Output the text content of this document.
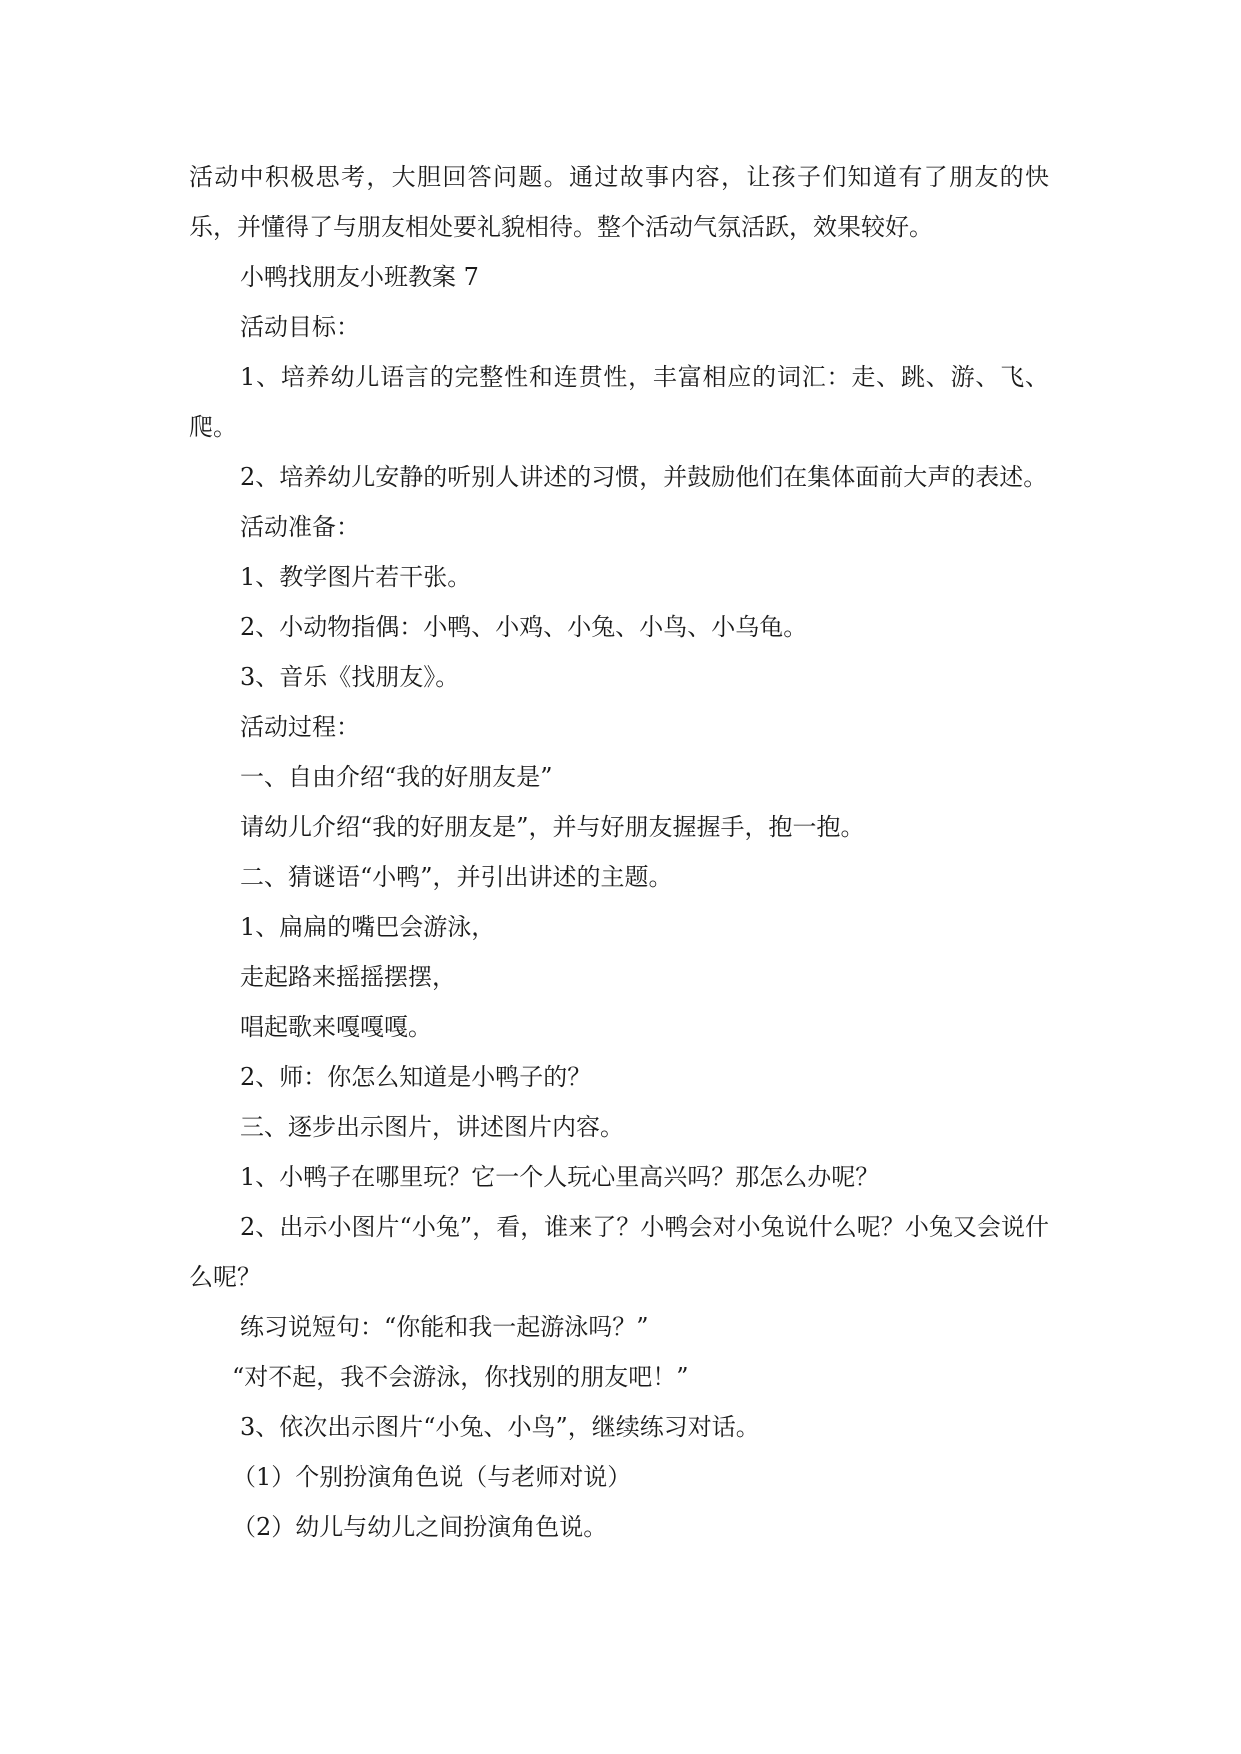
活动中积极思考，大胆回答问题。通过故事内容，让孩子们知道有了朋友的快乐，并懂得了与朋友相处要礼貌相待。整个活动气氛活跃，效果较好。

小鸭找朋友小班教案 7

活动目标：

1、培养幼儿语言的完整性和连贯性，丰富相应的词汇：走、跳、游、飞、爬。

2、培养幼儿安静的听别人讲述的习惯，并鼓励他们在集体面前大声的表述。

活动准备：

1、教学图片若干张。

2、小动物指偶：小鸭、小鸡、小兔、小鸟、小乌龟。

3、音乐《找朋友》。

活动过程：

一、自由介绍“我的好朋友是”

请幼儿介绍“我的好朋友是”，并与好朋友握握手，抱一抱。

二、猜谜语“小鸭”，并引出讲述的主题。

1、扁扁的嘴巴会游泳，

走起路来摇摇摆摆，

唱起歌来嘎嘎嘎。

2、师：你怎么知道是小鸭子的？

三、逐步出示图片，讲述图片内容。

1、小鸭子在哪里玩？它一个人玩心里高兴吗？那怎么办呢？

2、出示小图片“小兔”，看，谁来了？小鸭会对小兔说什么呢？小兔又会说什么呢？

练习说短句：“你能和我一起游泳吗？”

“对不起，我不会游泳，你找别的朋友吧！”

3、依次出示图片“小兔、小鸟”，继续练习对话。

（1）个别扮演角色说（与老师对说）

（2）幼儿与幼儿之间扮演角色说。
